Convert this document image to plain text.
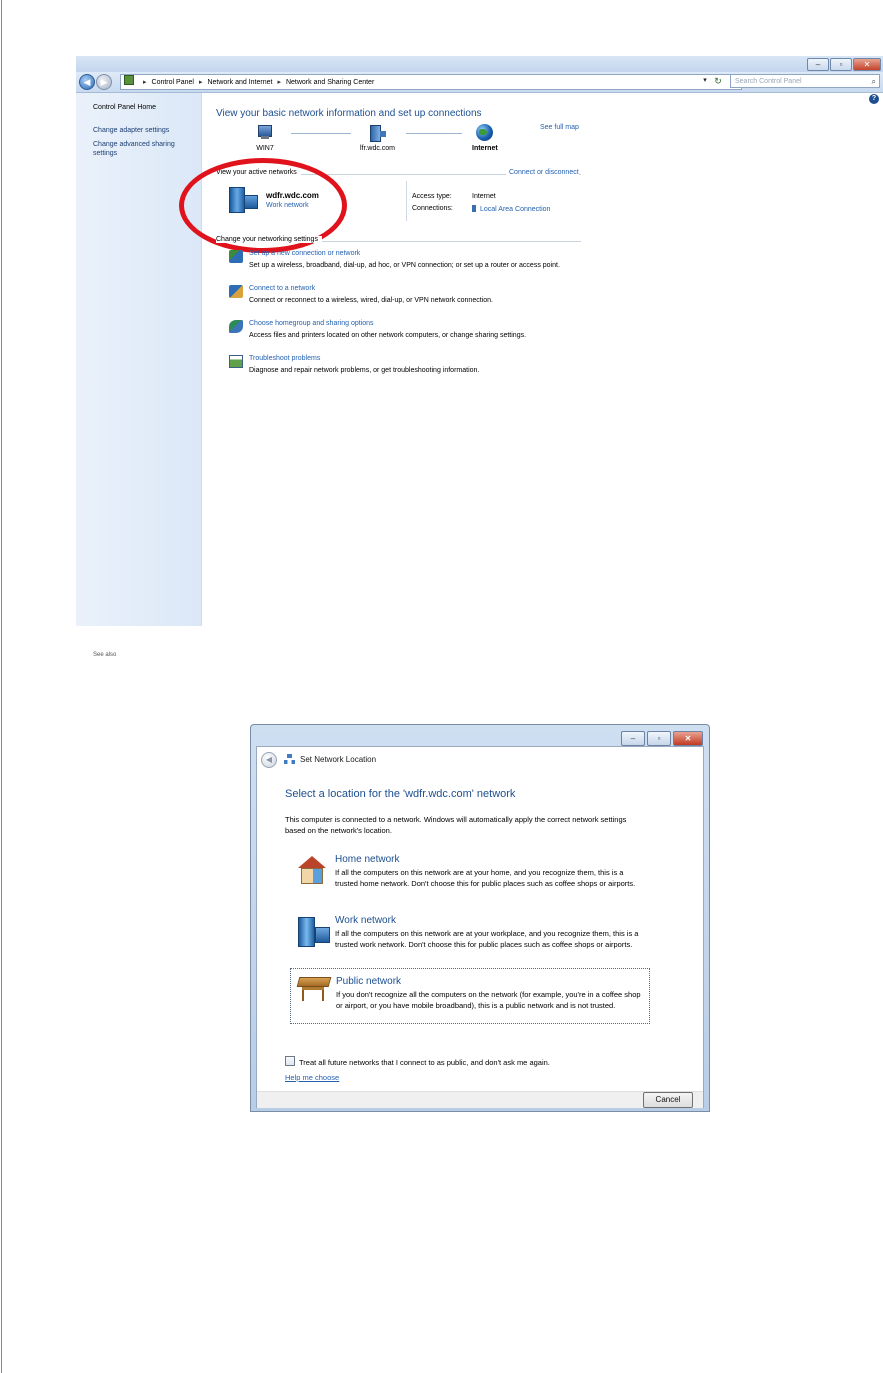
–	▫	✕
◀	▶	▸ Control Panel ▸ Network and Internet ▸ Network and Sharing Center	▾ ↻	Search Control Panel	⌕
Control Panel Home
Change adapter settings
Change advanced sharing
settings
See also
?
View your basic network information and set up connections
See full map
WIN7	lfr.wdc.com	Internet
View your active networks	Connect or disconnect
wdfr.wdc.com
Work network
Access type:	Internet
Connections:	Local Area Connection
Change your networking settings
Set up a new connection or network
Set up a wireless, broadband, dial-up, ad hoc, or VPN connection; or set up a router or access point.
Connect to a network
Connect or reconnect to a wireless, wired, dial-up, or VPN network connection.
Choose homegroup and sharing options
Access files and printers located on other network computers, or change sharing settings.
Troubleshoot problems
Diagnose and repair network problems, or get troubleshooting information.
–	▫	✕
◀	Set Network Location
Select a location for the 'wdfr.wdc.com' network
This computer is connected to a network. Windows will automatically apply the correct network settings based on the network's location.
Home network
If all the computers on this network are at your home, and you recognize them, this is a trusted home network. Don't choose this for public places such as coffee shops or airports.
Work network
If all the computers on this network are at your workplace, and you recognize them, this is a trusted work network. Don't choose this for public places such as coffee shops or airports.
Public network
If you don't recognize all the computers on the network (for example, you're in a coffee shop or airport, or you have mobile broadband), this is a public network and is not trusted.
Treat all future networks that I connect to as public, and don't ask me again.
Help me choose
Cancel
